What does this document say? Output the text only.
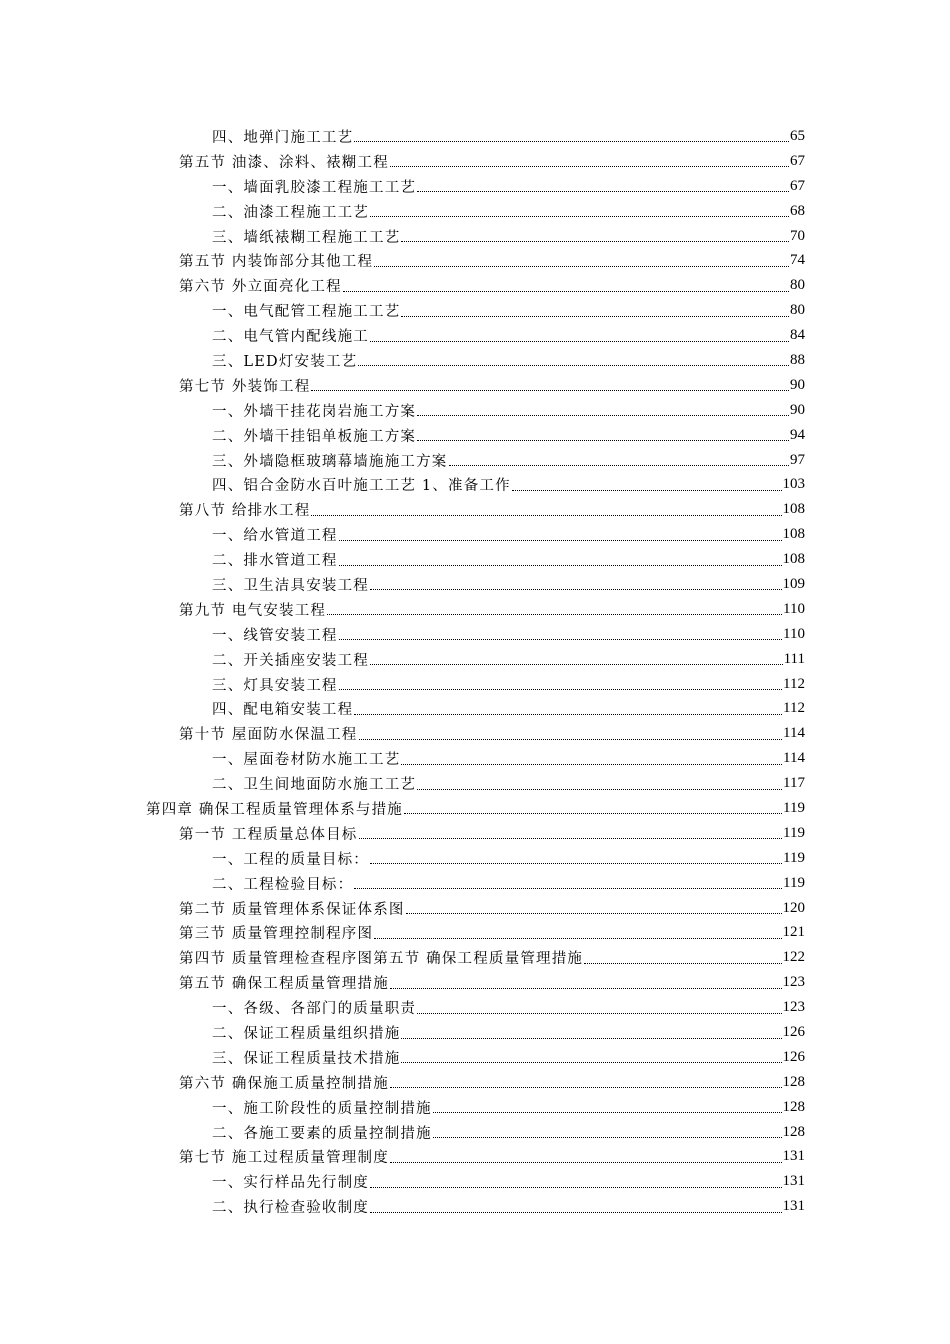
四、地弹门施工工艺	65
第五节 油漆、涂料、裱糊工程	67
一、墙面乳胶漆工程施工工艺	67
二、油漆工程施工工艺	68
三、墙纸裱糊工程施工工艺	70
第五节 内装饰部分其他工程	74
第六节 外立面亮化工程	80
一、电气配管工程施工工艺	80
二、电气管内配线施工	84
三、LED灯安装工艺	88
第七节 外装饰工程	90
一、外墙干挂花岗岩施工方案	90
二、外墙干挂铝单板施工方案	94
三、外墙隐框玻璃幕墙施施工方案	97
四、铝合金防水百叶施工工艺 1、准备工作	103
第八节 给排水工程	108
一、给水管道工程	108
二、排水管道工程	108
三、卫生洁具安装工程	109
第九节 电气安装工程	110
一、线管安装工程	110
二、开关插座安装工程	111
三、灯具安装工程	112
四、配电箱安装工程	112
第十节 屋面防水保温工程	114
一、屋面卷材防水施工工艺	114
二、卫生间地面防水施工工艺	117
第四章 确保工程质量管理体系与措施	119
第一节 工程质量总体目标	119
一、工程的质量目标：	119
二、工程检验目标：	119
第二节 质量管理体系保证体系图	120
第三节 质量管理控制程序图	121
第四节 质量管理检查程序图第五节 确保工程质量管理措施	122
第五节 确保工程质量管理措施	123
一、各级、各部门的质量职责	123
二、保证工程质量组织措施	126
三、保证工程质量技术措施	126
第六节 确保施工质量控制措施	128
一、施工阶段性的质量控制措施	128
二、各施工要素的质量控制措施	128
第七节 施工过程质量管理制度	131
一、实行样品先行制度	131
二、执行检查验收制度	131
